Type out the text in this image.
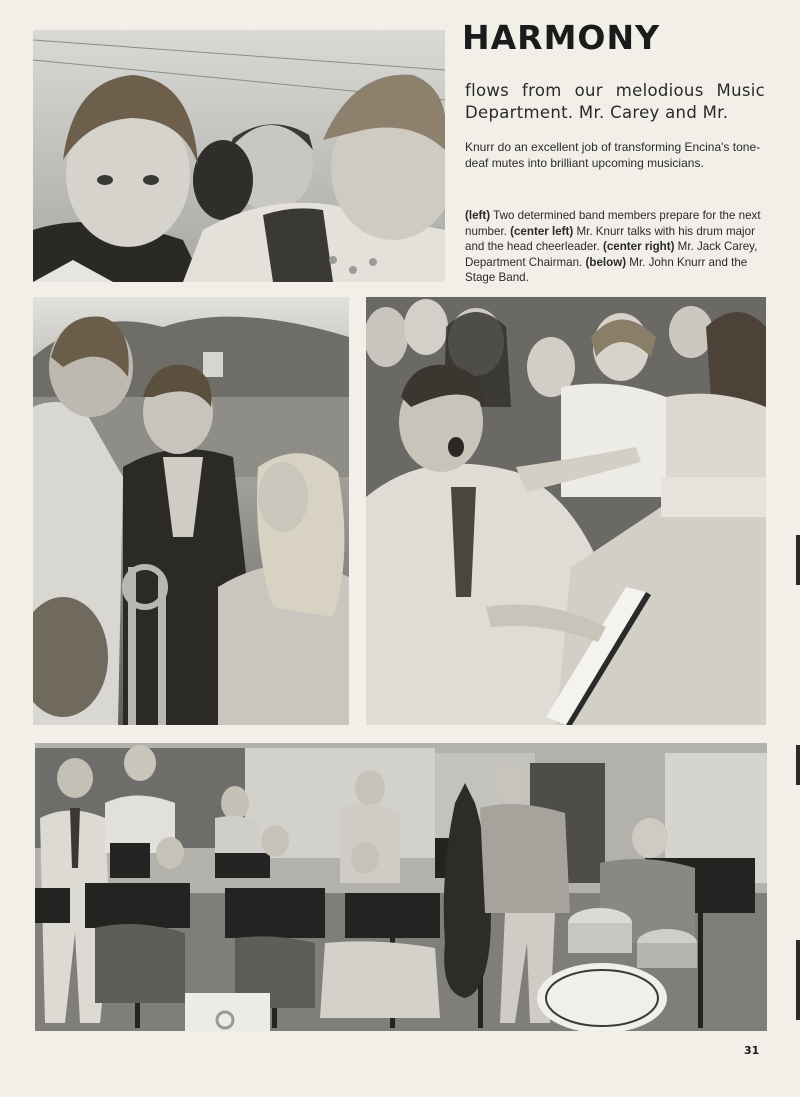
HARMONY

flows from our melodious Music Department. Mr. Carey and Mr.

Knurr do an excellent job of transforming Encina's tone-deaf mutes into brilliant upcoming musicians.

(left) Two determined band members prepare for the next number. (center left) Mr. Knurr talks with his drum major and the head cheerleader. (center right) Mr. Jack Carey, Department Chairman. (below) Mr. John Knurr and the Stage Band.

31
